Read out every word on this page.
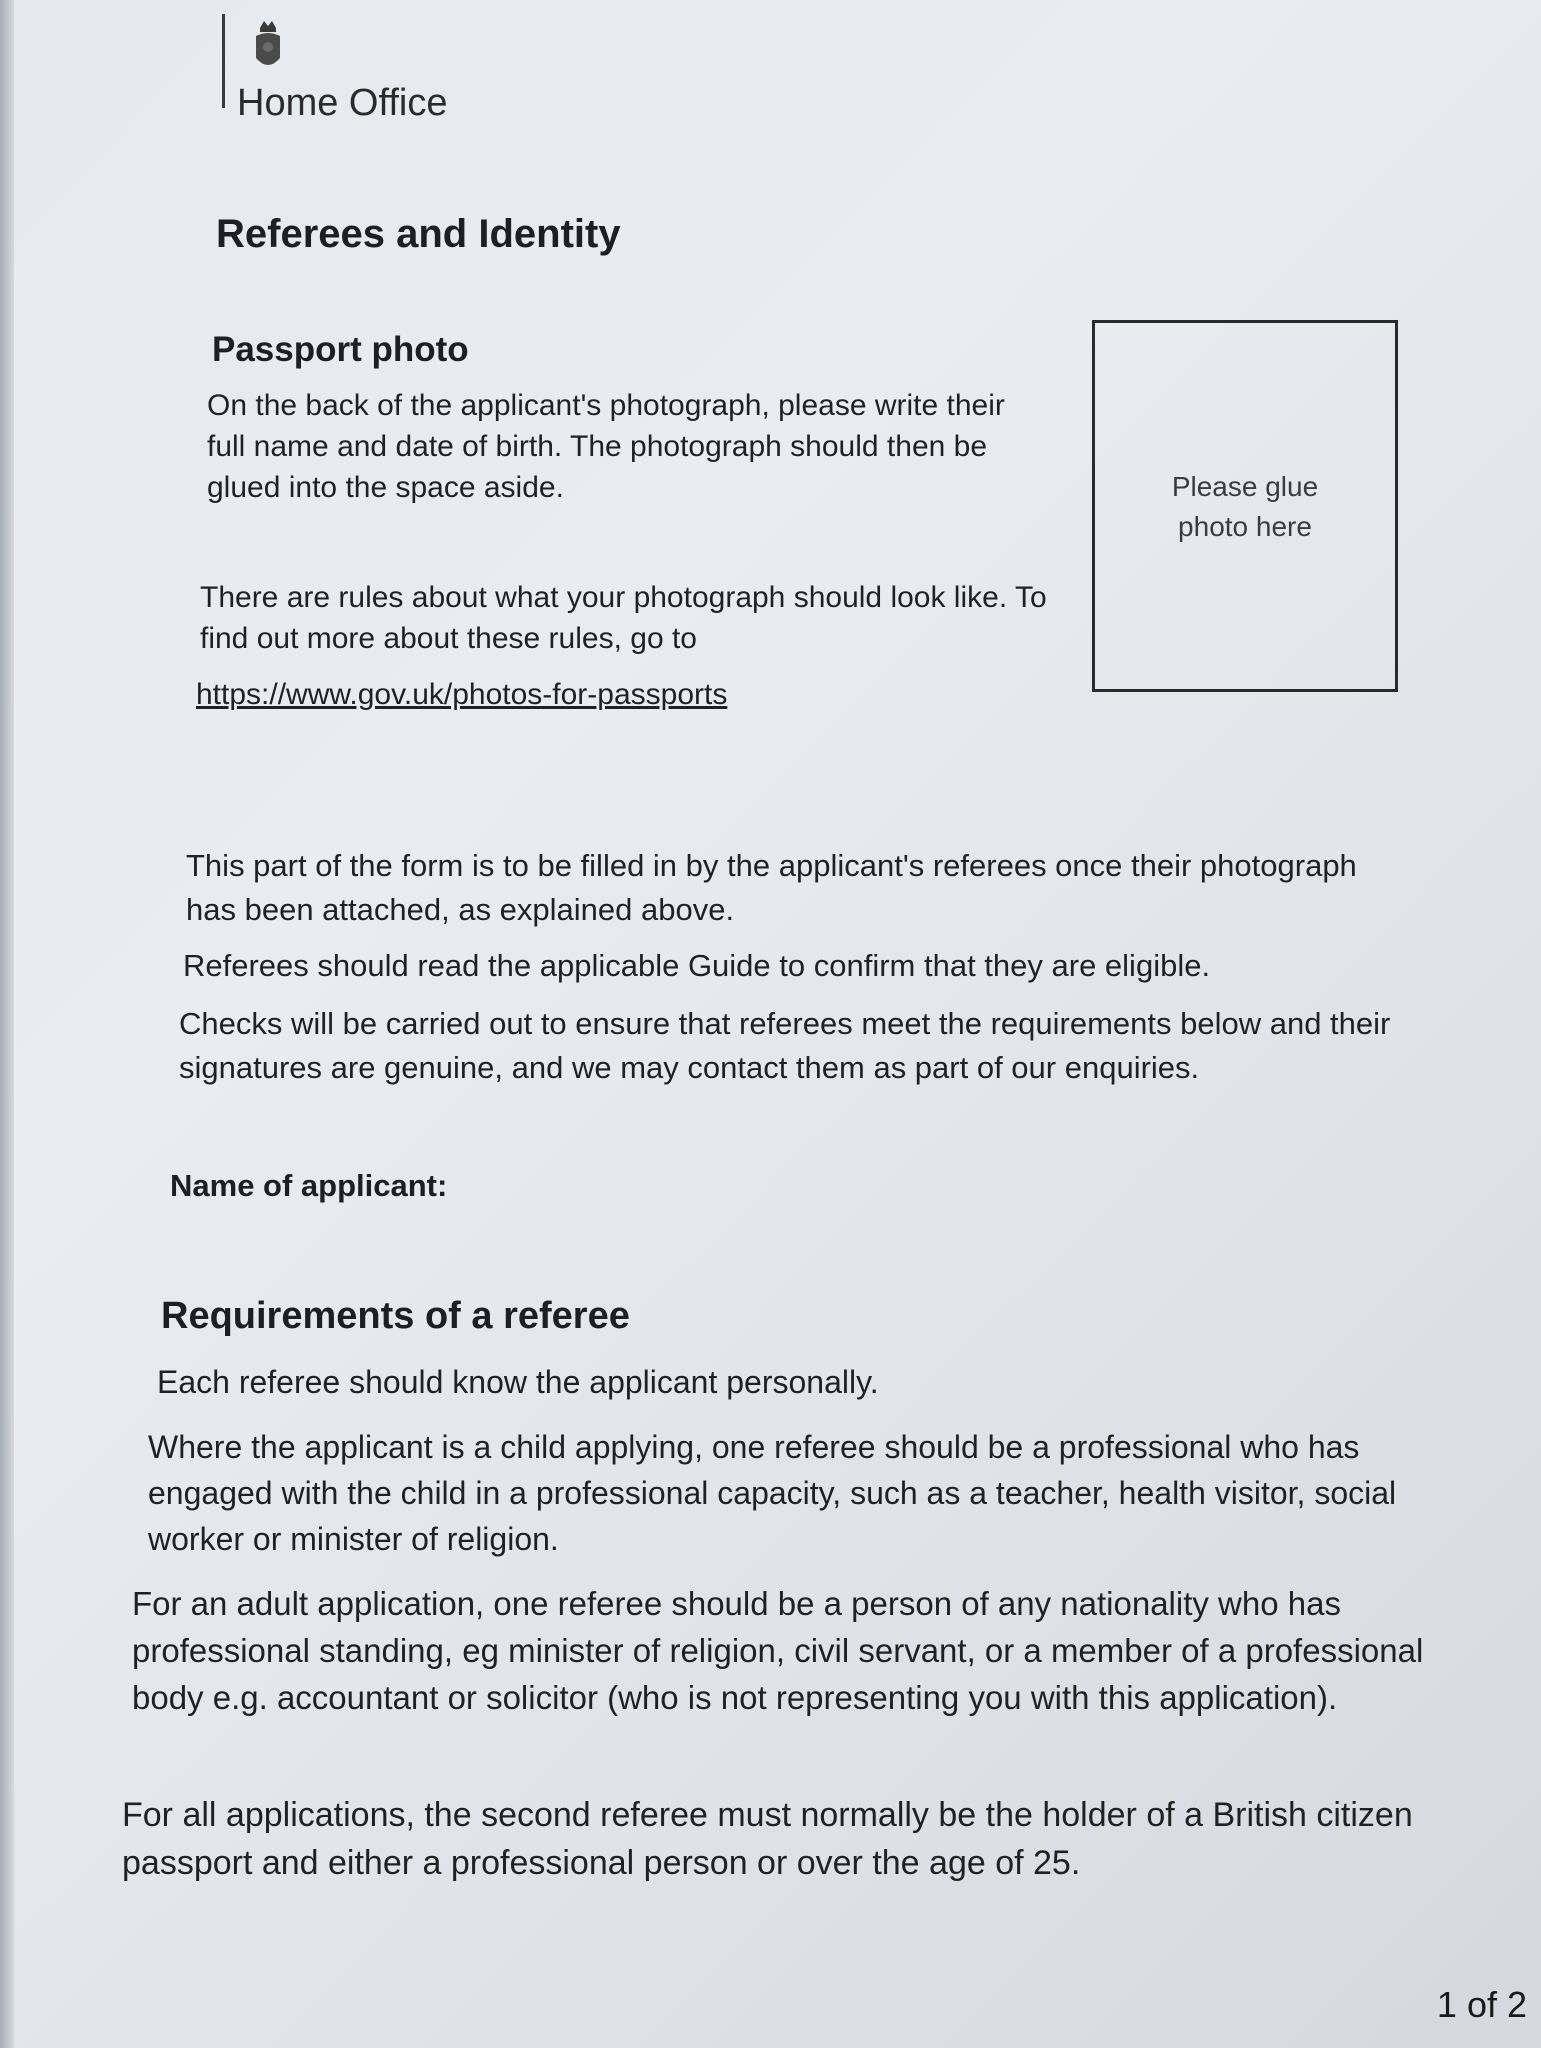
Home Office
Referees and Identity
Passport photo

On the back of the applicant's photograph, please write their full name and date of birth. The photograph should then be glued into the space aside.

There are rules about what your photograph should look like. To find out more about these rules, go to

https://www.gov.uk/photos-for-passports
Please glue
photo here

This part of the form is to be filled in by the applicant's referees once their photograph has been attached, as explained above.

Referees should read the applicable Guide to confirm that they are eligible.

Checks will be carried out to ensure that referees meet the requirements below and their signatures are genuine, and we may contact them as part of our enquiries.

Name of applicant:

Requirements of a referee

Each referee should know the applicant personally.

Where the applicant is a child applying, one referee should be a professional who has engaged with the child in a professional capacity, such as a teacher, health visitor, social worker or minister of religion.

For an adult application, one referee should be a person of any nationality who has professional standing, eg minister of religion, civil servant, or a member of a professional body e.g. accountant or solicitor (who is not representing you with this application).

For all applications, the second referee must normally be the holder of a British citizen passport and either a professional person or over the age of 25.

1 of 2
